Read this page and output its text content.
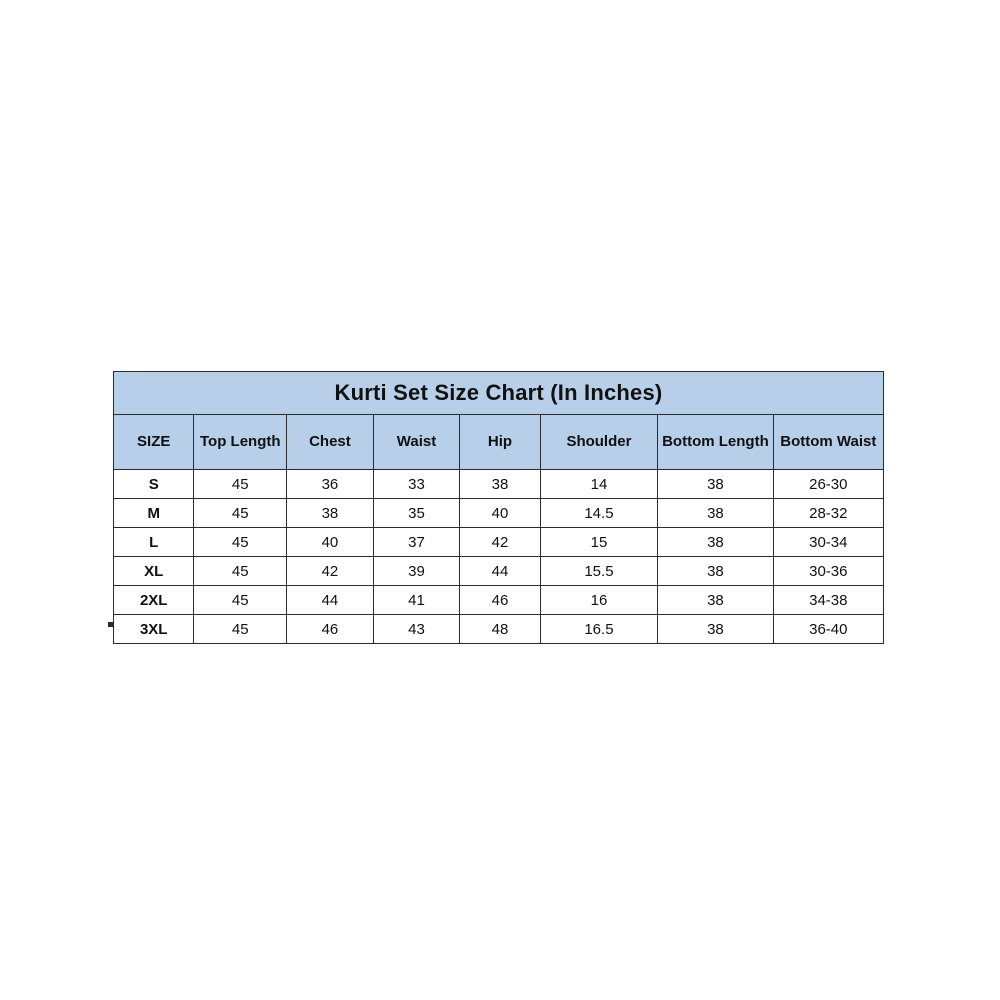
Kurti Set Size Chart (In Inches)							
SIZE	Top Length	Chest	Waist	Hip	Shoulder	Bottom Length	Bottom Waist
S	45	36	33	38	14	38	26-30
M	45	38	35	40	14.5	38	28-32
L	45	40	37	42	15	38	30-34
XL	45	42	39	44	15.5	38	30-36
2XL	45	44	41	46	16	38	34-38
3XL	45	46	43	48	16.5	38	36-40
